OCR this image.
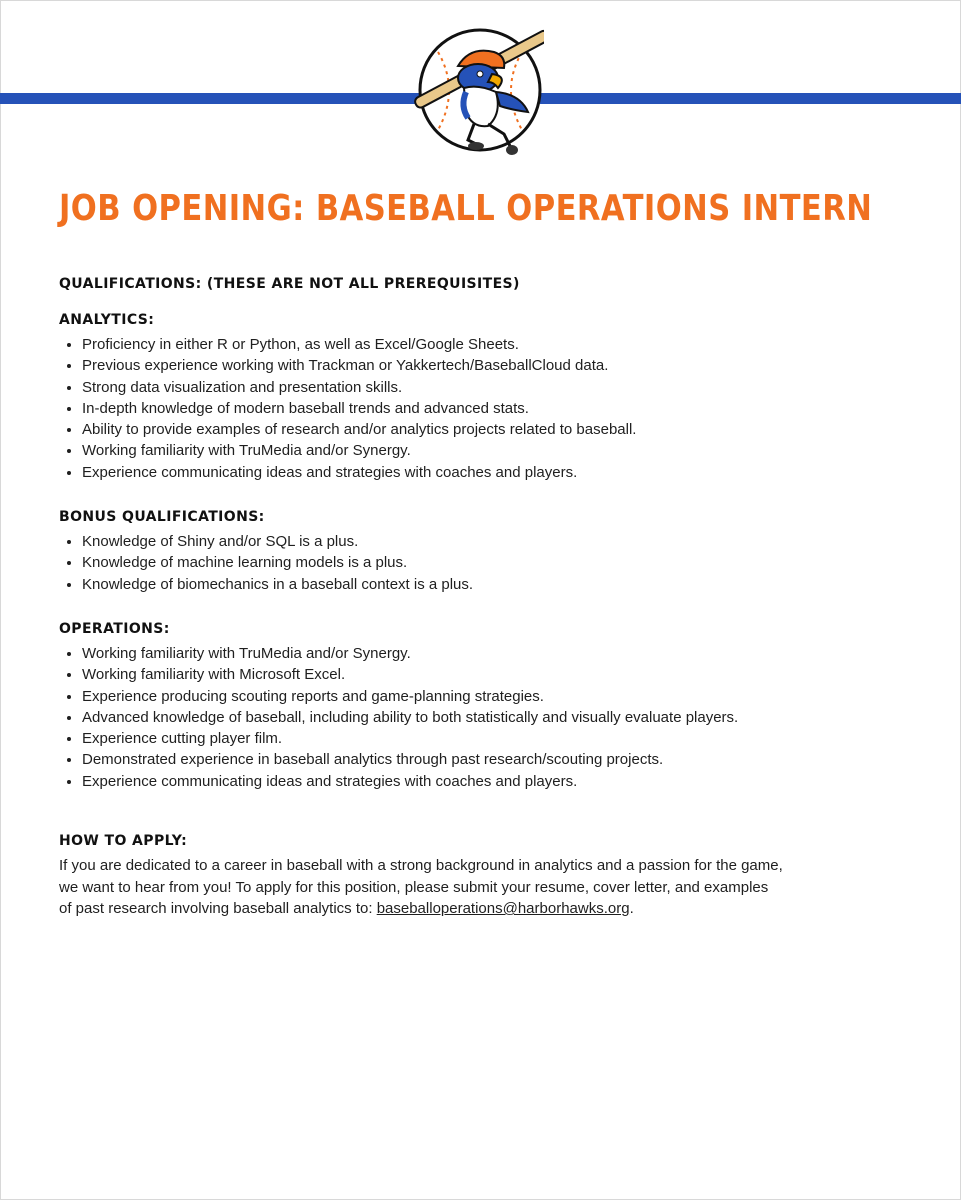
JOB OPENING: BASEBALL OPERATIONS INTERN
QUALIFICATIONS: (THESE ARE NOT ALL PREREQUISITES)
ANALYTICS:
• Proficiency in either R or Python, as well as Excel/Google Sheets.
• Previous experience working with Trackman or Yakkertech/BaseballCloud data.
• Strong data visualization and presentation skills.
• In-depth knowledge of modern baseball trends and advanced stats.
• Ability to provide examples of research and/or analytics projects related to baseball.
• Working familiarity with TruMedia and/or Synergy.
• Experience communicating ideas and strategies with coaches and players.
BONUS QUALIFICATIONS:
• Knowledge of Shiny and/or SQL is a plus.
• Knowledge of machine learning models is a plus.
• Knowledge of biomechanics in a baseball context is a plus.
OPERATIONS:
• Working familiarity with TruMedia and/or Synergy.
• Working familiarity with Microsoft Excel.
• Experience producing scouting reports and game-planning strategies.
• Advanced knowledge of baseball, including ability to both statistically and visually evaluate players.
• Experience cutting player film.
• Demonstrated experience in baseball analytics through past research/scouting projects.
• Experience communicating ideas and strategies with coaches and players.
HOW TO APPLY:
If you are dedicated to a career in baseball with a strong background in analytics and a passion for the game, we want to hear from you! To apply for this position, please submit your resume, cover letter, and examples of past research involving baseball analytics to: baseballoperations@harborhawks.org.
